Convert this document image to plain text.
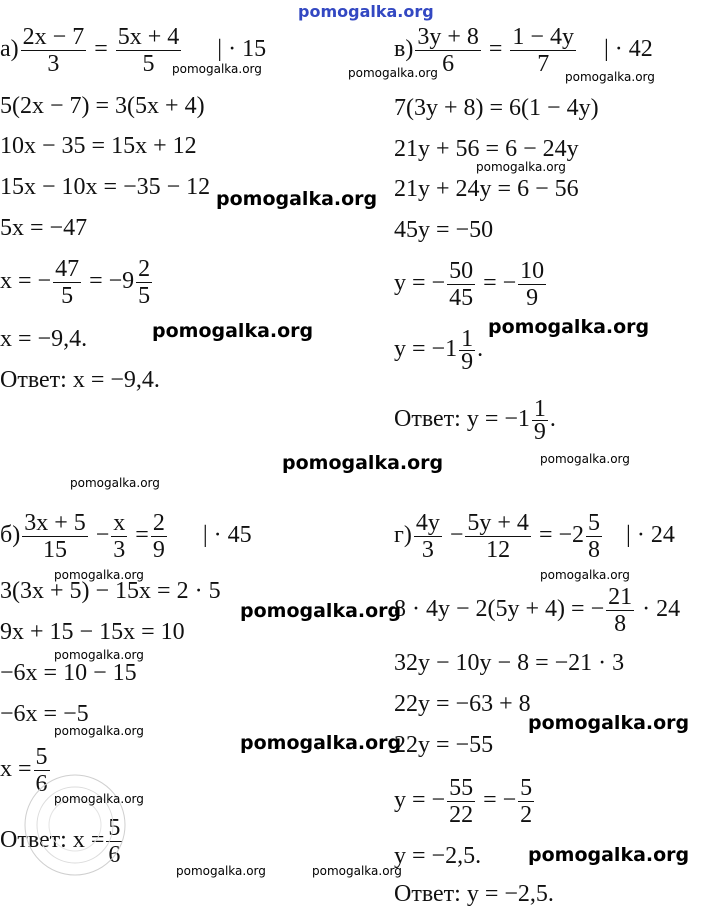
pomogalka.org
$а) \frac{2x - 7}{3} = \frac{5x + 4}{5}$ | · 15
5(2x − 7) = 3(5x + 4)
10x − 35 = 15x + 12
15x − 10x = −35 − 12
5x = −47
x = − $\frac{47}{5} = -9 \frac{2}{5}$
x = −9,4.
Ответ: x = −9,4.
$в) \frac{3y + 8}{6} = \frac{1 - 4y}{7}$ | · 42
7(3y + 8) = 6(1 − 4y)
21y + 56 = 6 − 24y
21y + 24y = 6 − 56
45y = −50
y = − $\frac{50}{45}$ = − $\frac{10}{9}$
$y = -1 \frac{1}{9}$ .
Ответ: $y = -1 \frac{1}{9}$ .
$б) \frac{3x + 5}{15} - \frac{x}{3} = \frac{2}{9}$ | · 45
3(3x + 5) − 15x = 2 · 5
9x + 15 − 15x = 10
−6x = 10 − 15
−6x = −5
$x = \frac{5}{6}$
Ответ: $x = \frac{5}{6}$
$г) \frac{4y}{3} - \frac{5y + 4}{12} = -2 \frac{5}{8}$ | · 24
8 · 4y − 2(5y + 4) = − $\frac{21}{8} \cdot 24$
32y − 10y − 8 = −21 · 3
22y = −63 + 8
22y = −55
y = − $\frac{55}{22}$ = − $\frac{5}{2}$
y = −2,5.
Ответ: y = −2,5.
pomogalka.org	pomogalka.org	pomogalka.org
pomogalka.org
pomogalka.org
pomogalka.org
pomogalka.org
pomogalka.org	pomogalka.org
pomogalka.org
pomogalka.org	pomogalka.org
pomogalka.org
pomogalka.org
pomogalka.org
pomogalka.org
pomogalka.org
pomogalka.org
pomogalka.org
pomogalka.org	pomogalka.org
